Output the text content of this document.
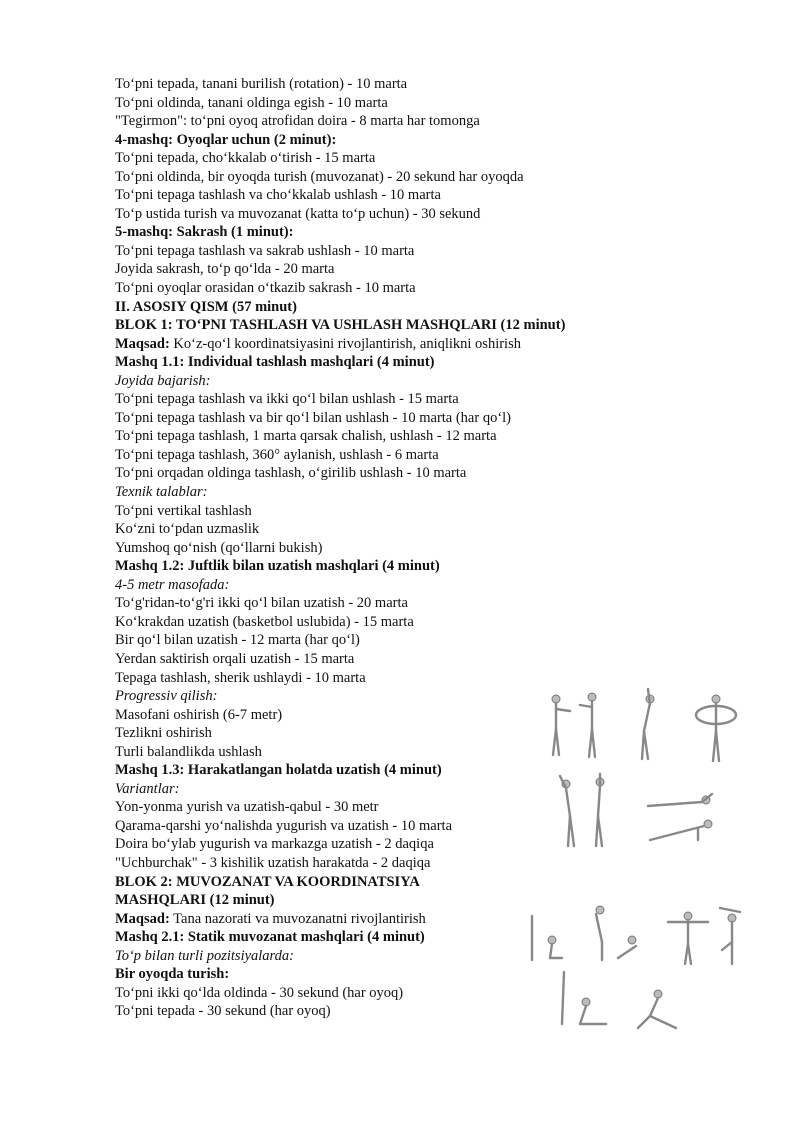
To‘pni tepada, tanani burilish (rotation) - 10 marta
To‘pni oldinda, tanani oldinga egish - 10 marta
"Tegirmon": to‘pni oyoq atrofidan doira - 8 marta har tomonga
4-mashq: Oyoqlar uchun (2 minut):
To‘pni tepada, cho‘kkalab o‘tirish - 15 marta
To‘pni oldinda, bir oyoqda turish (muvozanat) - 20 sekund har oyoqda
To‘pni tepaga tashlash va cho‘kkalab ushlash - 10 marta
To‘p ustida turish va muvozanat (katta to‘p uchun) - 30 sekund
5-mashq: Sakrash (1 minut):
To‘pni tepaga tashlash va sakrab ushlash - 10 marta
Joyida sakrash, to‘p qo‘lda - 20 marta
To‘pni oyoqlar orasidan o‘tkazib sakrash - 10 marta
II. ASOSIY QISM (57 minut)
BLOK 1: TO‘PNI TASHLASH VA USHLASH MASHQLARI (12 minut)
Maqsad: Ko‘z-qo‘l koordinatsiyasini rivojlantirish, aniqlikni oshirish
Mashq 1.1: Individual tashlash mashqlari (4 minut)
Joyida bajarish:
To‘pni tepaga tashlash va ikki qo‘l bilan ushlash - 15 marta
To‘pni tepaga tashlash va bir qo‘l bilan ushlash - 10 marta (har qo‘l)
To‘pni tepaga tashlash, 1 marta qarsak chalish, ushlash - 12 marta
To‘pni tepaga tashlash, 360° aylanish, ushlash - 6 marta
To‘pni orqadan oldinga tashlash, o‘girilib ushlash - 10 marta
Texnik talablar:
To‘pni vertikal tashlash
Ko‘zni to‘pdan uzmaslik
Yumshoq qo‘nish (qo‘llarni bukish)
Mashq 1.2: Juftlik bilan uzatish mashqlari (4 minut)
4-5 metr masofada:
To‘g'ridan-to‘g'ri ikki qo‘l bilan uzatish - 20 marta
Ko‘krakdan uzatish (basketbol uslubida) - 15 marta
Bir qo‘l bilan uzatish - 12 marta (har qo‘l)
Yerdan saktirish orqali uzatish - 15 marta
Tepaga tashlash, sherik ushlaydi - 10 marta
Progressiv qilish:
Masofani oshirish (6-7 metr)
Tezlikni oshirish
Turli balandlikda ushlash
Mashq 1.3: Harakatlangan holatda uzatish (4 minut)
Variantlar:
Yon-yonma yurish va uzatish-qabul - 30 metr
Qarama-qarshi yo‘nalishda yugurish va uzatish - 10 marta
Doira bo‘ylab yugurish va markazga uzatish - 2 daqiqa
"Uchburchak" - 3 kishilik uzatish harakatda - 2 daqiqa
BLOK 2: MUVOZANAT VA KOORDINATSIYA
MASHQLARI (12 minut)
Maqsad: Tana nazorati va muvozanatni rivojlantirish
Mashq 2.1: Statik muvozanat mashqlari (4 minut)
To‘p bilan turli pozitsiyalarda:
Bir oyoqda turish:
To‘pni ikki qo‘lda oldinda - 30 sekund (har oyoq)
To‘pni tepada - 30 sekund (har oyoq)
